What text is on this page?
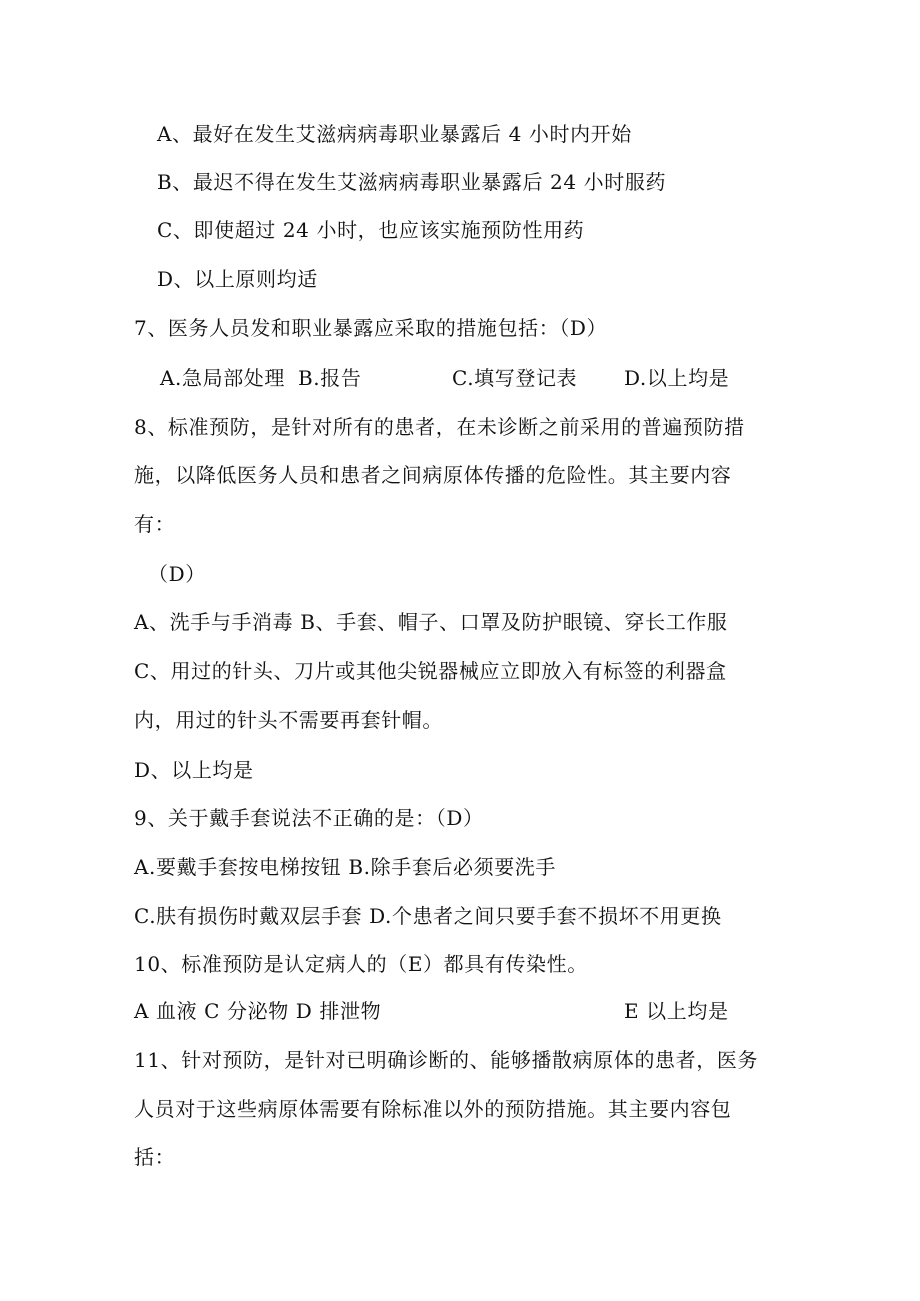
A、最好在发生艾滋病病毒职业暴露后 4 小时内开始
B、最迟不得在发生艾滋病病毒职业暴露后 24 小时服药
C、即使超过 24 小时，也应该实施预防性用药
D、以上原则均适
7、医务人员发和职业暴露应采取的措施包括：（D）
A.急局部处理 B.报告	C.填写登记表 D.以上均是
8、标准预防，是针对所有的患者，在未诊断之前采用的普遍预防措
施，以降低医务人员和患者之间病原体传播的危险性。其主要内容
有：
（D）
A、洗手与手消毒 B、手套、帽子、口罩及防护眼镜、穿长工作服
C、用过的针头、刀片或其他尖锐器械应立即放入有标签的利器盒
内，用过的针头不需要再套针帽。
D、以上均是
9、关于戴手套说法不正确的是：（D）
A.要戴手套按电梯按钮 B.除手套后必须要洗手
C.肤有损伤时戴双层手套 D.个患者之间只要手套不损坏不用更换
10、标准预防是认定病人的（E）都具有传染性。
A 血液 C 分泌物 D 排泄物	E 以上均是
11、针对预防，是针对已明确诊断的、能够播散病原体的患者，医务
人员对于这些病原体需要有除标准以外的预防措施。其主要内容包
括：
